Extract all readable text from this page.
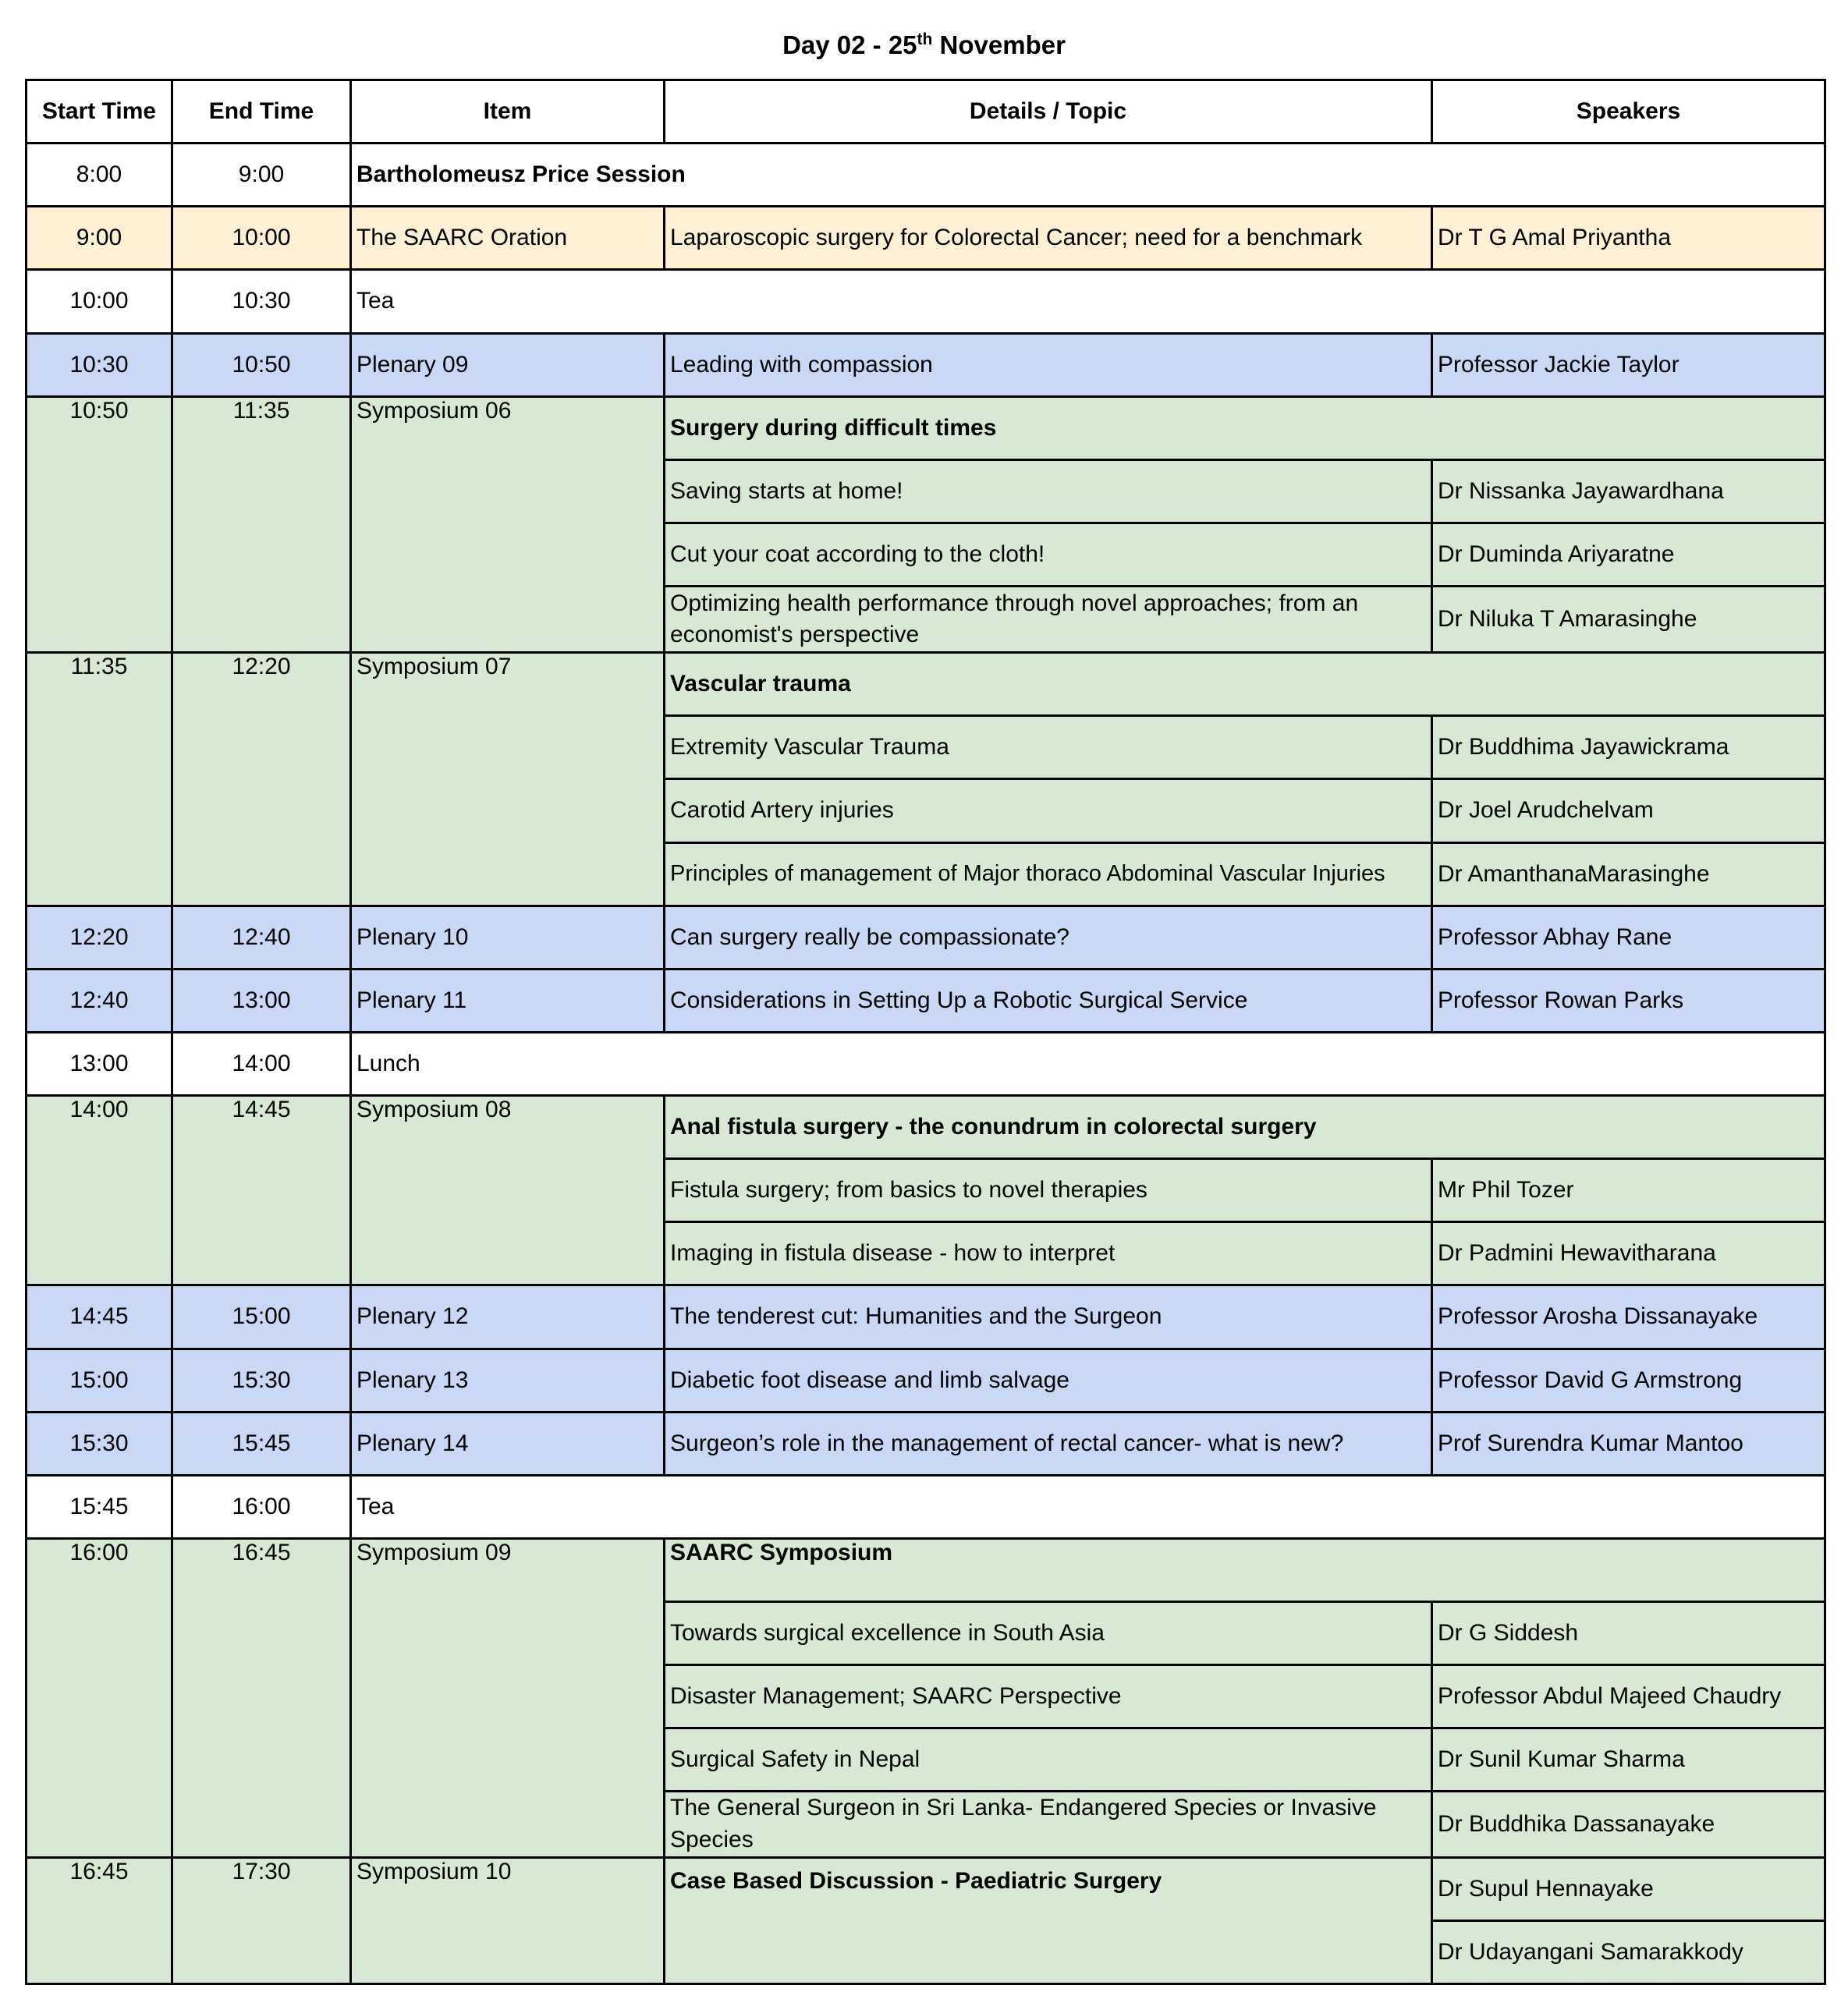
Day 02 - 25th November
Start Time	End Time	Item	Details / Topic	Speakers
8:00	9:00	Bartholomeusz Price Session		
9:00	10:00	The SAARC Oration	Laparoscopic surgery for Colorectal Cancer; need for a benchmark	Dr T G Amal Priyantha
10:00	10:30	Tea		
10:30	10:50	Plenary 09	Leading with compassion	Professor Jackie Taylor
10:50	11:35	Symposium 06	Surgery during difficult times	
			Saving starts at home!	Dr Nissanka Jayawardhana
			Cut your coat according to the cloth!	Dr Duminda Ariyaratne
			Optimizing health performance through novel approaches; from an economist's perspective	Dr Niluka T Amarasinghe
11:35	12:20	Symposium 07	Vascular trauma	
			Extremity Vascular Trauma	Dr Buddhima Jayawickrama
			Carotid Artery injuries	Dr Joel Arudchelvam
			Principles of management of Major thoraco Abdominal Vascular Injuries	Dr AmanthanaMarasinghe
12:20	12:40	Plenary 10	Can surgery really be compassionate?	Professor Abhay Rane
12:40	13:00	Plenary 11	Considerations in Setting Up a Robotic Surgical Service	Professor Rowan Parks
13:00	14:00	Lunch		
14:00	14:45	Symposium 08	Anal fistula surgery - the conundrum in colorectal surgery	
			Fistula surgery; from basics to novel therapies	Mr Phil Tozer
			Imaging in fistula disease - how to interpret	Dr Padmini Hewavitharana
14:45	15:00	Plenary 12	The tenderest cut: Humanities and the Surgeon	Professor Arosha Dissanayake
15:00	15:30	Plenary 13	Diabetic foot disease and limb salvage	Professor David G Armstrong
15:30	15:45	Plenary 14	Surgeon’s role in the management of rectal cancer- what is new?	Prof Surendra Kumar Mantoo
15:45	16:00	Tea		
16:00	16:45	Symposium 09	SAARC Symposium	
			Towards surgical excellence in South Asia	Dr G Siddesh
			Disaster Management; SAARC Perspective	Professor Abdul Majeed Chaudry
			Surgical Safety in Nepal	Dr Sunil Kumar Sharma
			The General Surgeon in Sri Lanka- Endangered Species or Invasive Species	Dr Buddhika Dassanayake
16:45	17:30	Symposium 10	Case Based Discussion - Paediatric Surgery	Dr Supul Hennayake
				Dr Udayangani Samarakkody
